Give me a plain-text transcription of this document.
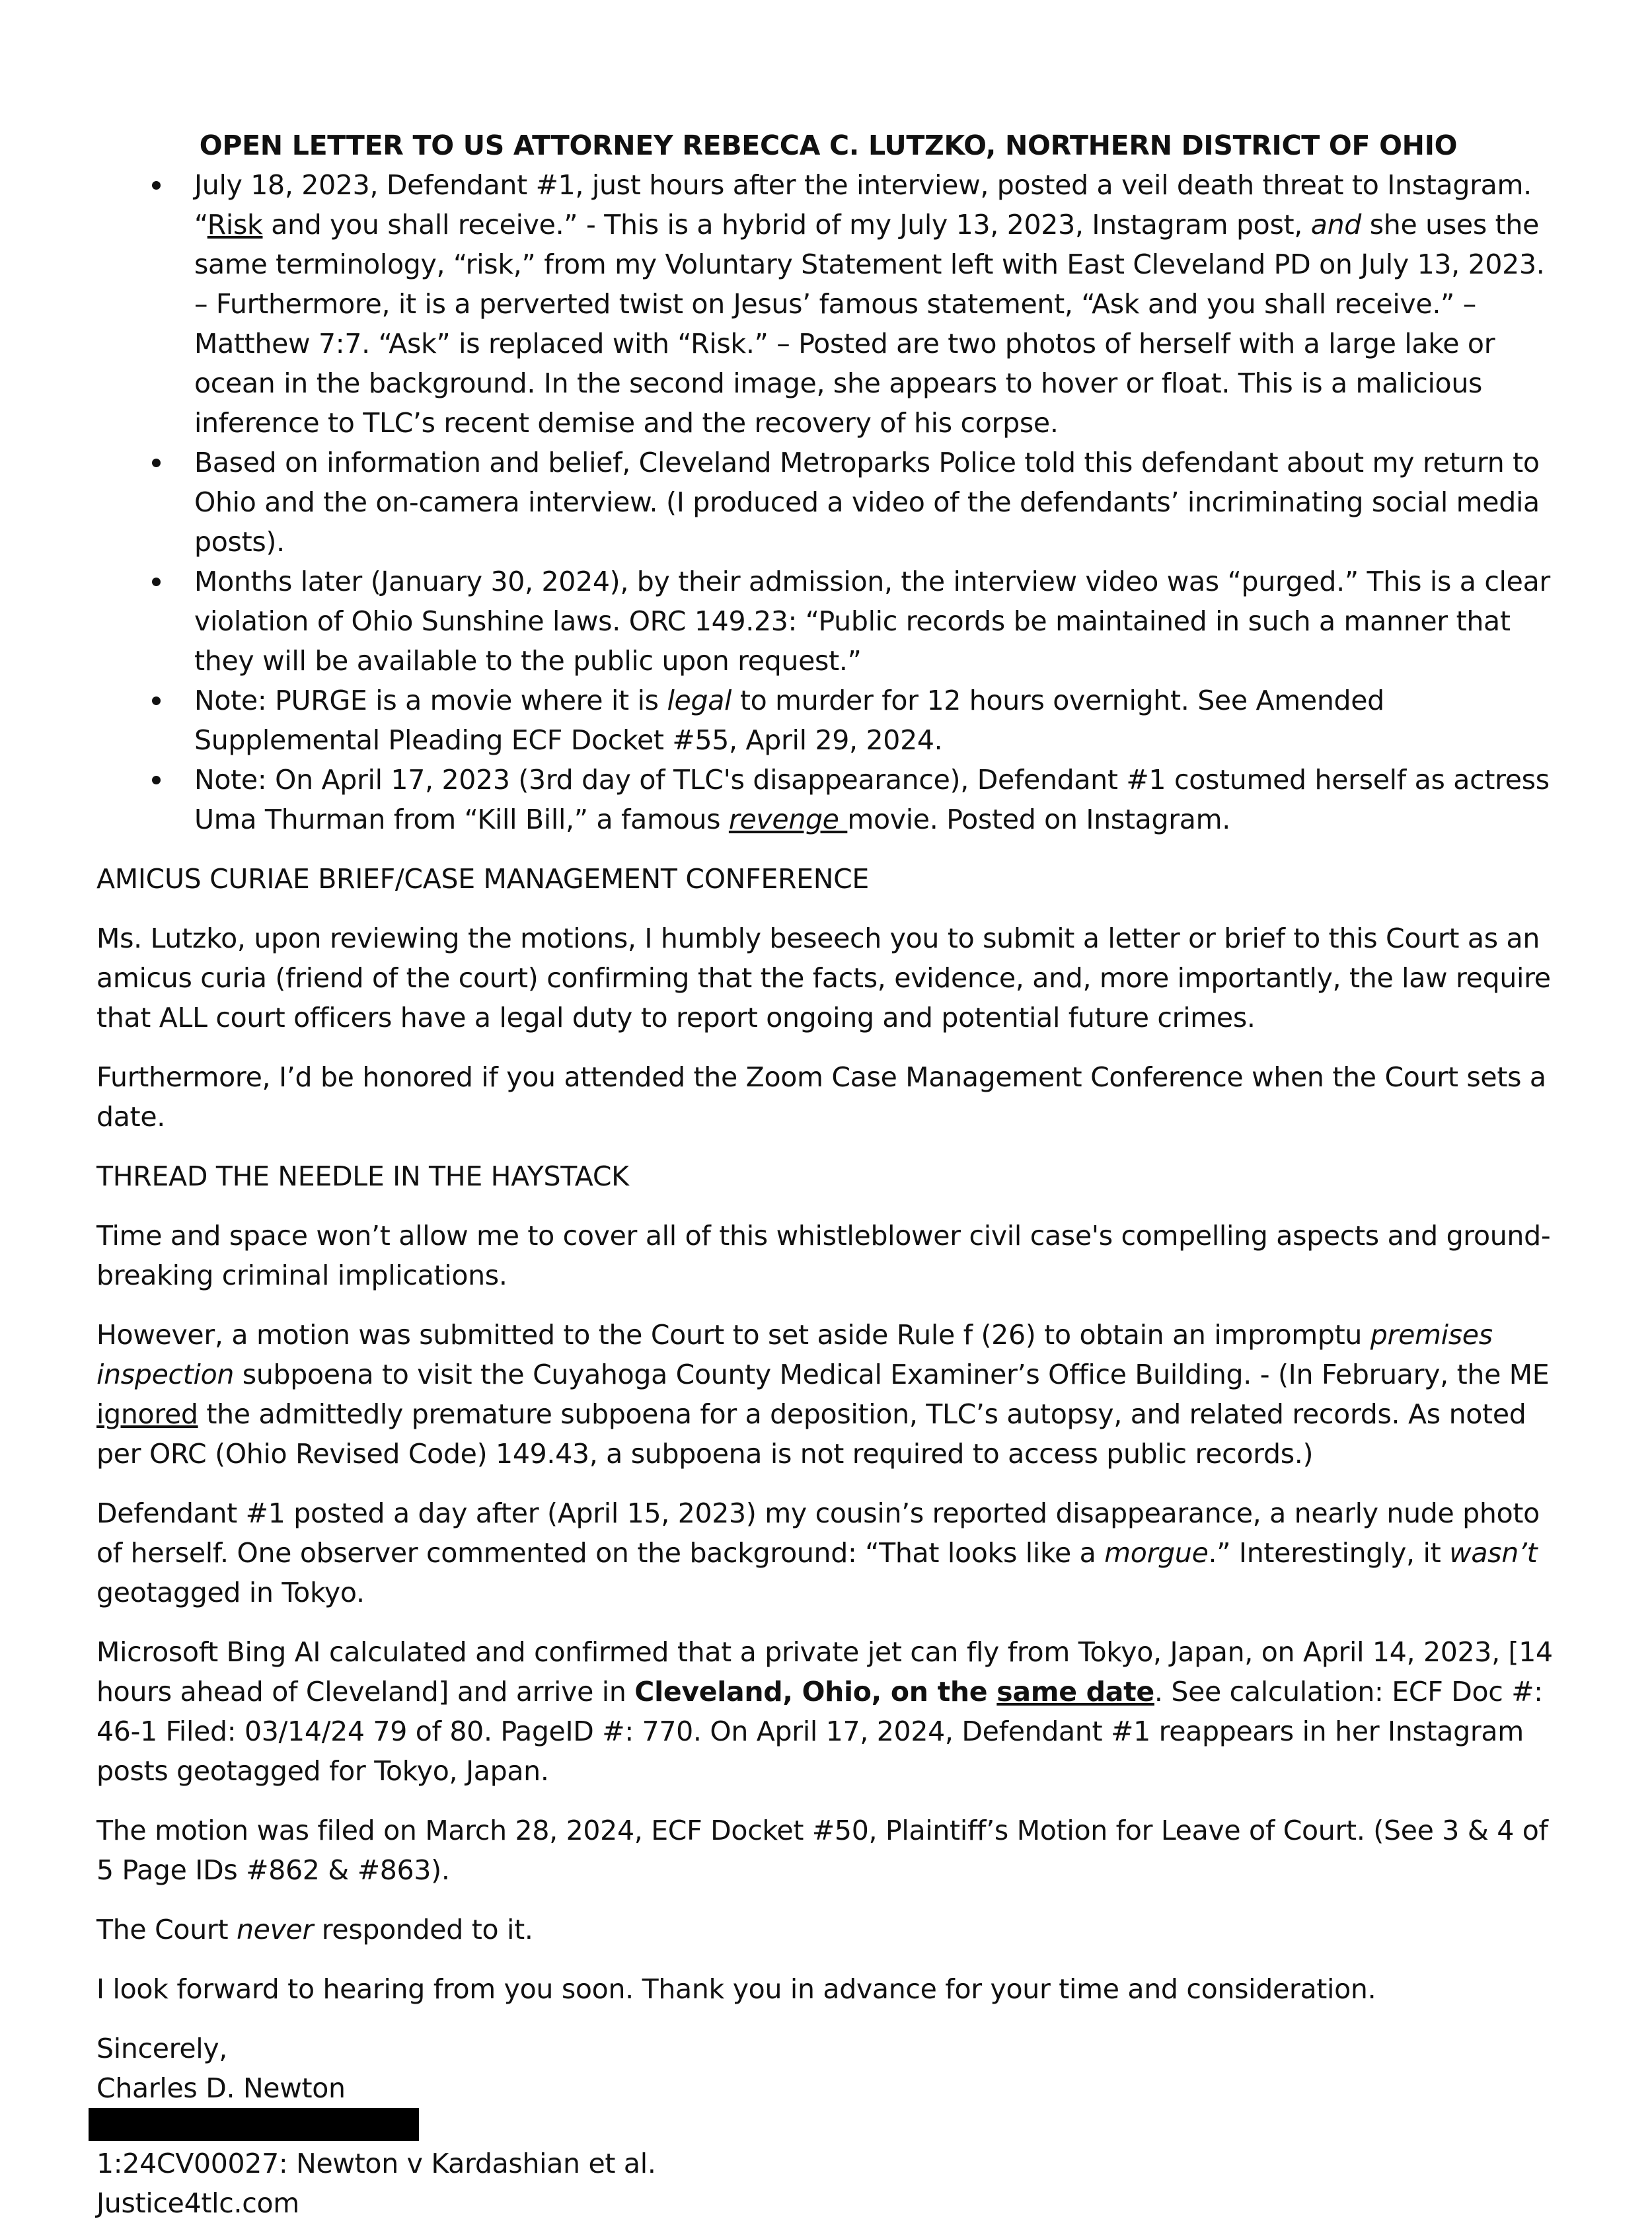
OPEN LETTER TO US ATTORNEY REBECCA C. LUTZKO, NORTHERN DISTRICT OF OHIO
July 18, 2023, Defendant #1, just hours after the interview, posted a veil death threat to Instagram. “Risk and you shall receive.” - This is a hybrid of my July 13, 2023, Instagram post, and she uses the same terminology, “risk,” from my Voluntary Statement left with East Cleveland PD on July 13, 2023. – Furthermore, it is a perverted twist on Jesus’ famous statement, “Ask and you shall receive.” – Matthew 7:7. “Ask” is replaced with “Risk.” – Posted are two photos of herself with a large lake or ocean in the background. In the second image, she appears to hover or float. This is a malicious inference to TLC’s recent demise and the recovery of his corpse.
Based on information and belief, Cleveland Metroparks Police told this defendant about my return to Ohio and the on-camera interview. (I produced a video of the defendants’ incriminating social media posts).
Months later (January 30, 2024), by their admission, the interview video was “purged.” This is a clear violation of Ohio Sunshine laws. ORC 149.23: “Public records be maintained in such a manner that they will be available to the public upon request.”
Note: PURGE is a movie where it is legal to murder for 12 hours overnight. See Amended Supplemental Pleading ECF Docket #55, April 29, 2024.
Note: On April 17, 2023 (3rd day of TLC's disappearance), Defendant #1 costumed herself as actress Uma Thurman from “Kill Bill,” a famous revenge movie. Posted on Instagram.

AMICUS CURIAE BRIEF/CASE MANAGEMENT CONFERENCE

Ms. Lutzko, upon reviewing the motions, I humbly beseech you to submit a letter or brief to this Court as an amicus curia (friend of the court) confirming that the facts, evidence, and, more importantly, the law require that ALL court officers have a legal duty to report ongoing and potential future crimes.

Furthermore, I’d be honored if you attended the Zoom Case Management Conference when the Court sets a date.

THREAD THE NEEDLE IN THE HAYSTACK

Time and space won’t allow me to cover all of this whistleblower civil case's compelling aspects and ground-breaking criminal implications.

However, a motion was submitted to the Court to set aside Rule f (26) to obtain an impromptu premises inspection subpoena to visit the Cuyahoga County Medical Examiner’s Office Building. - (In February, the ME ignored the admittedly premature subpoena for a deposition, TLC’s autopsy, and related records. As noted per ORC (Ohio Revised Code) 149.43, a subpoena is not required to access public records.)

Defendant #1 posted a day after (April 15, 2023) my cousin’s reported disappearance, a nearly nude photo of herself. One observer commented on the background: “That looks like a morgue.” Interestingly, it wasn’t geotagged in Tokyo.

Microsoft Bing AI calculated and confirmed that a private jet can fly from Tokyo, Japan, on April 14, 2023, [14 hours ahead of Cleveland] and arrive in Cleveland, Ohio, on the same date. See calculation: ECF Doc #: 46-1 Filed: 03/14/24 79 of 80. PageID #: 770. On April 17, 2024, Defendant #1 reappears in her Instagram posts geotagged for Tokyo, Japan.

The motion was filed on March 28, 2024, ECF Docket #50, Plaintiff’s Motion for Leave of Court. (See 3 & 4 of 5 Page IDs #862 & #863).

The Court never responded to it.

I look forward to hearing from you soon. Thank you in advance for your time and consideration.

Sincerely,
Charles D. Newton
1:24CV00027: Newton v Kardashian et al.
Justice4tlc.com
